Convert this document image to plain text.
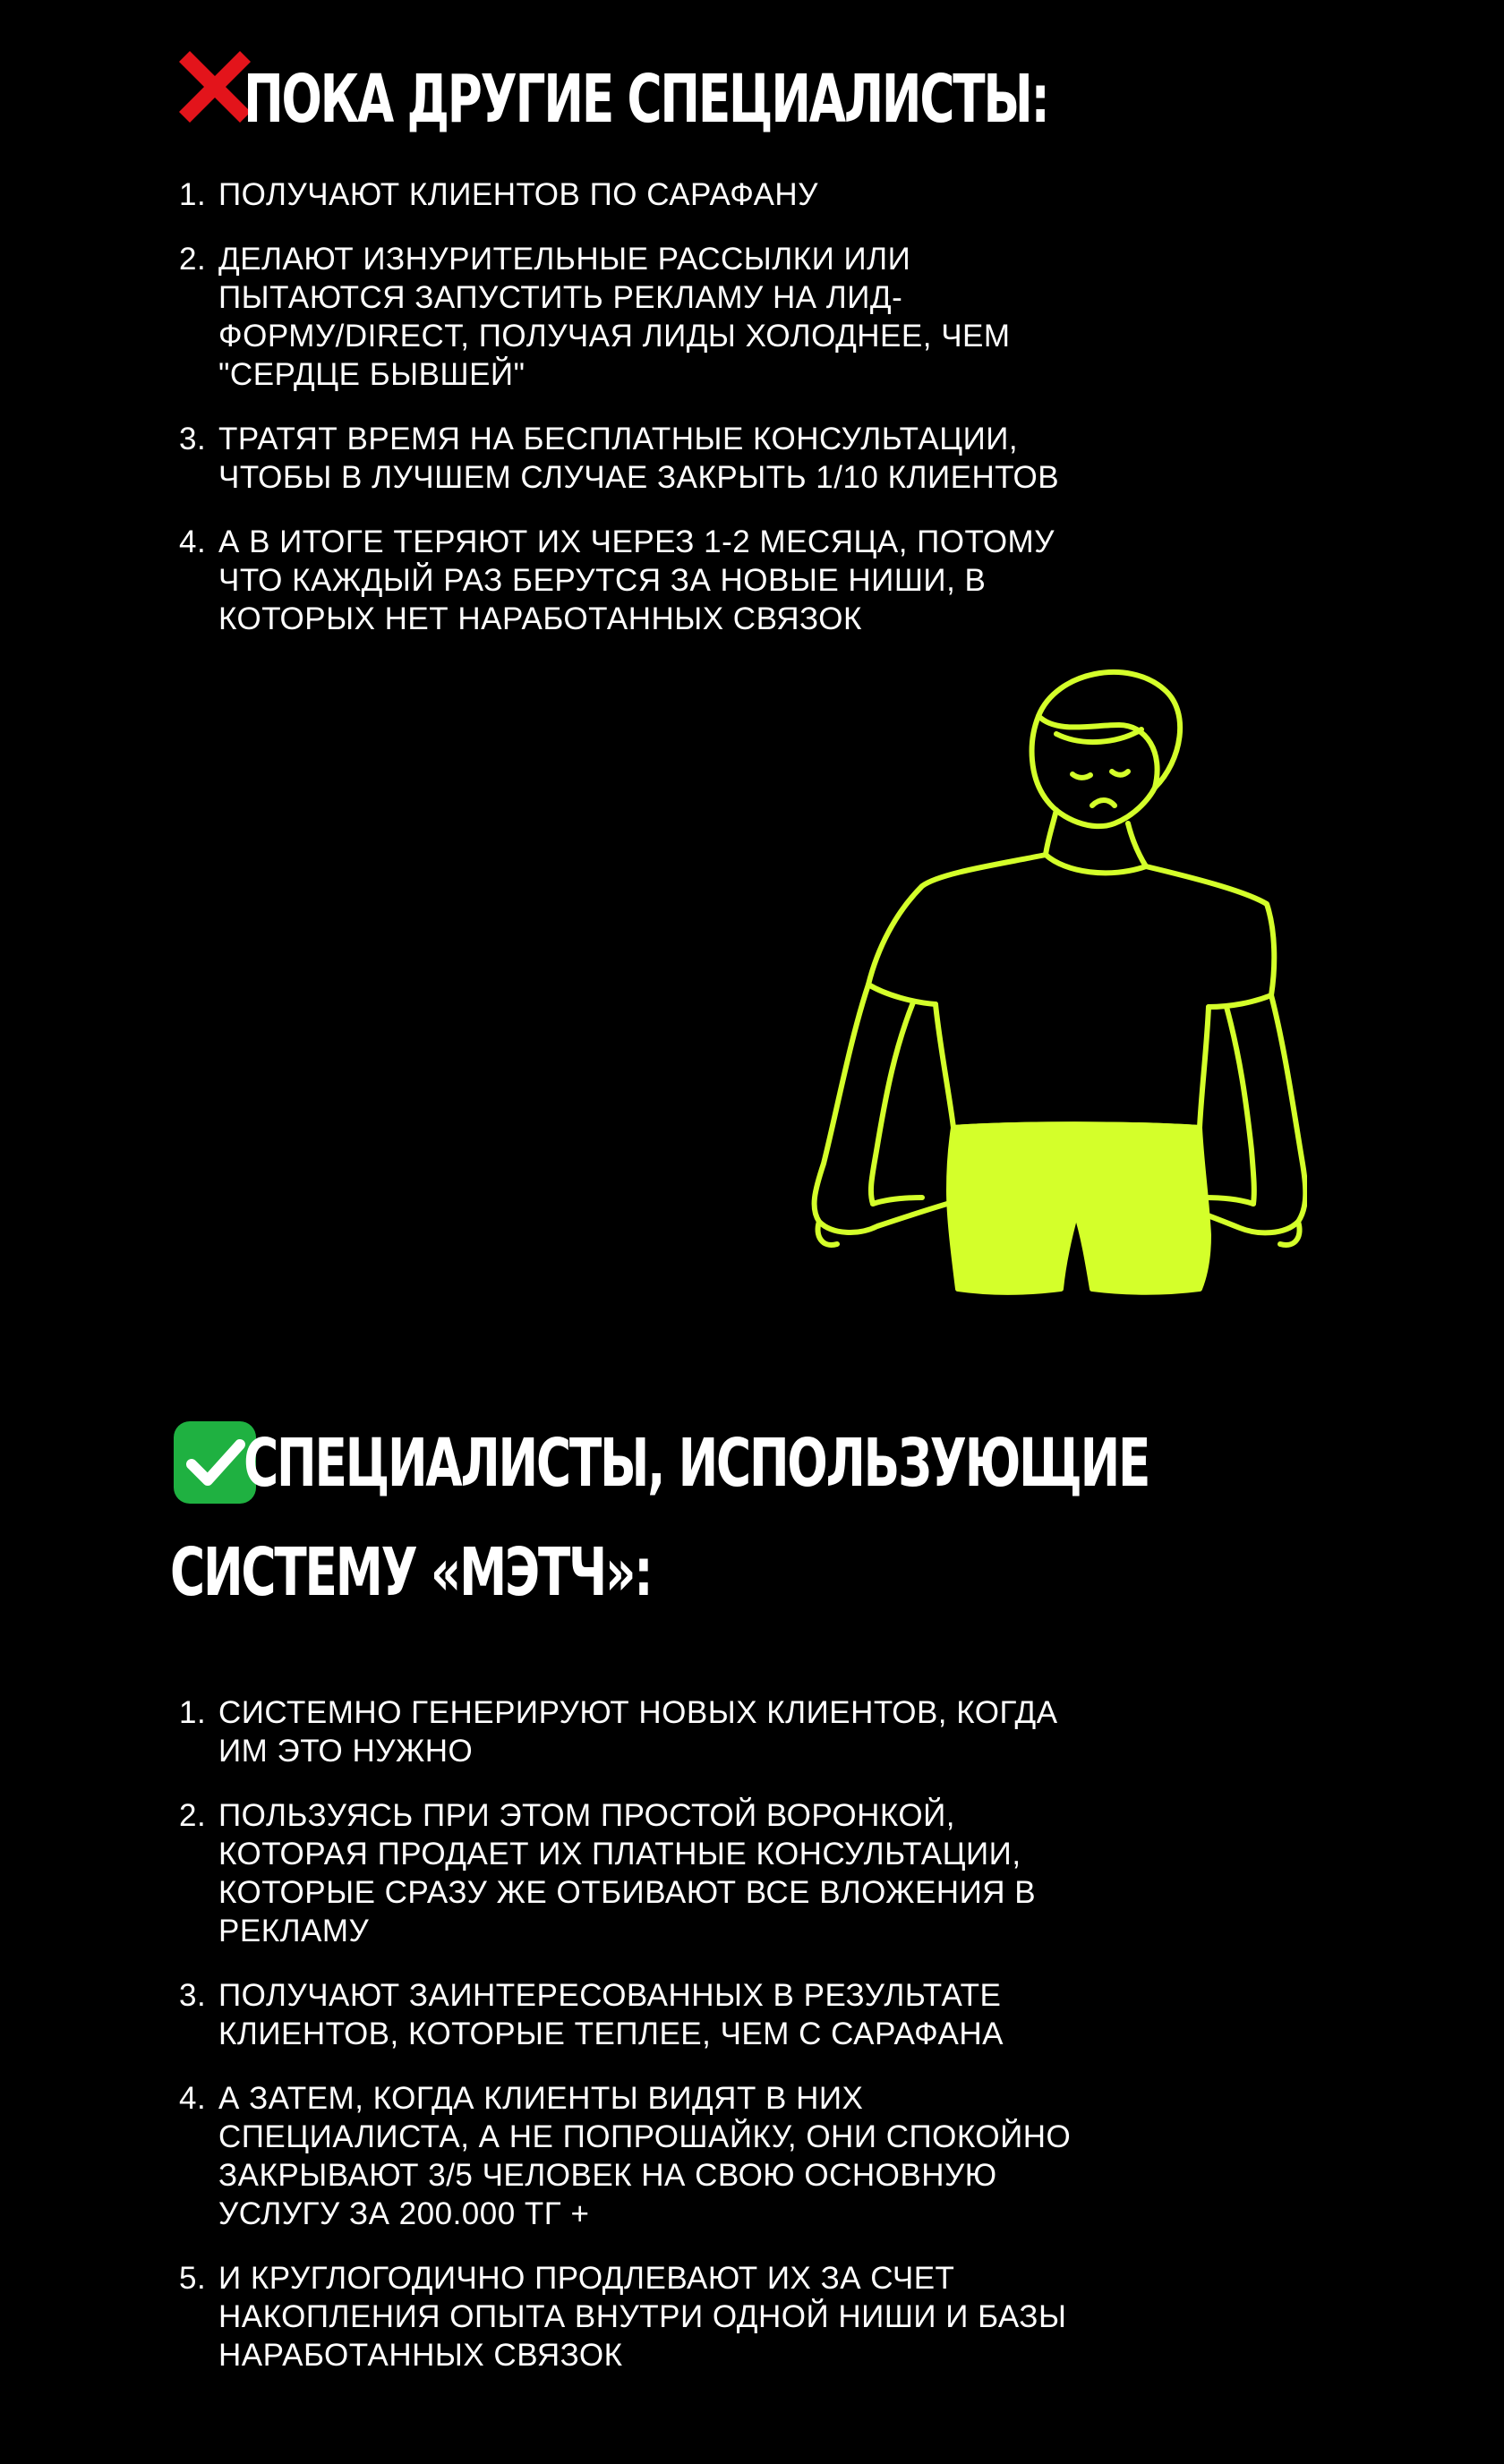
ПОКА ДРУГИЕ СПЕЦИАЛИСТЫ:
1. ПОЛУЧАЮТ КЛИЕНТОВ ПО САРАФАНУ
2. ДЕЛАЮТ ИЗНУРИТЕЛЬНЫЕ РАССЫЛКИ ИЛИ ПЫТАЮТСЯ ЗАПУСТИТЬ РЕКЛАМУ НА ЛИД-ФОРМУ/DIRECT, ПОЛУЧАЯ ЛИДЫ ХОЛОДНЕЕ, ЧЕМ "СЕРДЦЕ БЫВШЕЙ"
3. ТРАТЯТ ВРЕМЯ НА БЕСПЛАТНЫЕ КОНСУЛЬТАЦИИ, ЧТОБЫ В ЛУЧШЕМ СЛУЧАЕ ЗАКРЫТЬ 1/10 КЛИЕНТОВ
4. А В ИТОГЕ ТЕРЯЮТ ИХ ЧЕРЕЗ 1-2 МЕСЯЦА, ПОТОМУ ЧТО КАЖДЫЙ РАЗ БЕРУТСЯ ЗА НОВЫЕ НИШИ, В КОТОРЫХ НЕТ НАРАБОТАННЫХ СВЯЗОК
СПЕЦИАЛИСТЫ, ИСПОЛЬЗУЮЩИЕ
СИСТЕМУ «МЭТЧ»:
1. СИСТЕМНО ГЕНЕРИРУЮТ НОВЫХ КЛИЕНТОВ, КОГДА ИМ ЭТО НУЖНО
2. ПОЛЬЗУЯСЬ ПРИ ЭТОМ ПРОСТОЙ ВОРОНКОЙ, КОТОРАЯ ПРОДАЕТ ИХ ПЛАТНЫЕ КОНСУЛЬТАЦИИ, КОТОРЫЕ СРАЗУ ЖЕ ОТБИВАЮТ ВСЕ ВЛОЖЕНИЯ В РЕКЛАМУ
3. ПОЛУЧАЮТ ЗАИНТЕРЕСОВАННЫХ В РЕЗУЛЬТАТЕ КЛИЕНТОВ, КОТОРЫЕ ТЕПЛЕЕ, ЧЕМ С САРАФАНА
4. А ЗАТЕМ, КОГДА КЛИЕНТЫ ВИДЯТ В НИХ СПЕЦИАЛИСТА, А НЕ ПОПРОШАЙКУ, ОНИ СПОКОЙНО ЗАКРЫВАЮТ 3/5 ЧЕЛОВЕК НА СВОЮ ОСНОВНУЮ УСЛУГУ ЗА 200.000 ТГ +
5. И КРУГЛОГОДИЧНО ПРОДЛЕВАЮТ ИХ ЗА СЧЕТ НАКОПЛЕНИЯ ОПЫТА ВНУТРИ ОДНОЙ НИШИ И БАЗЫ НАРАБОТАННЫХ СВЯЗОК
